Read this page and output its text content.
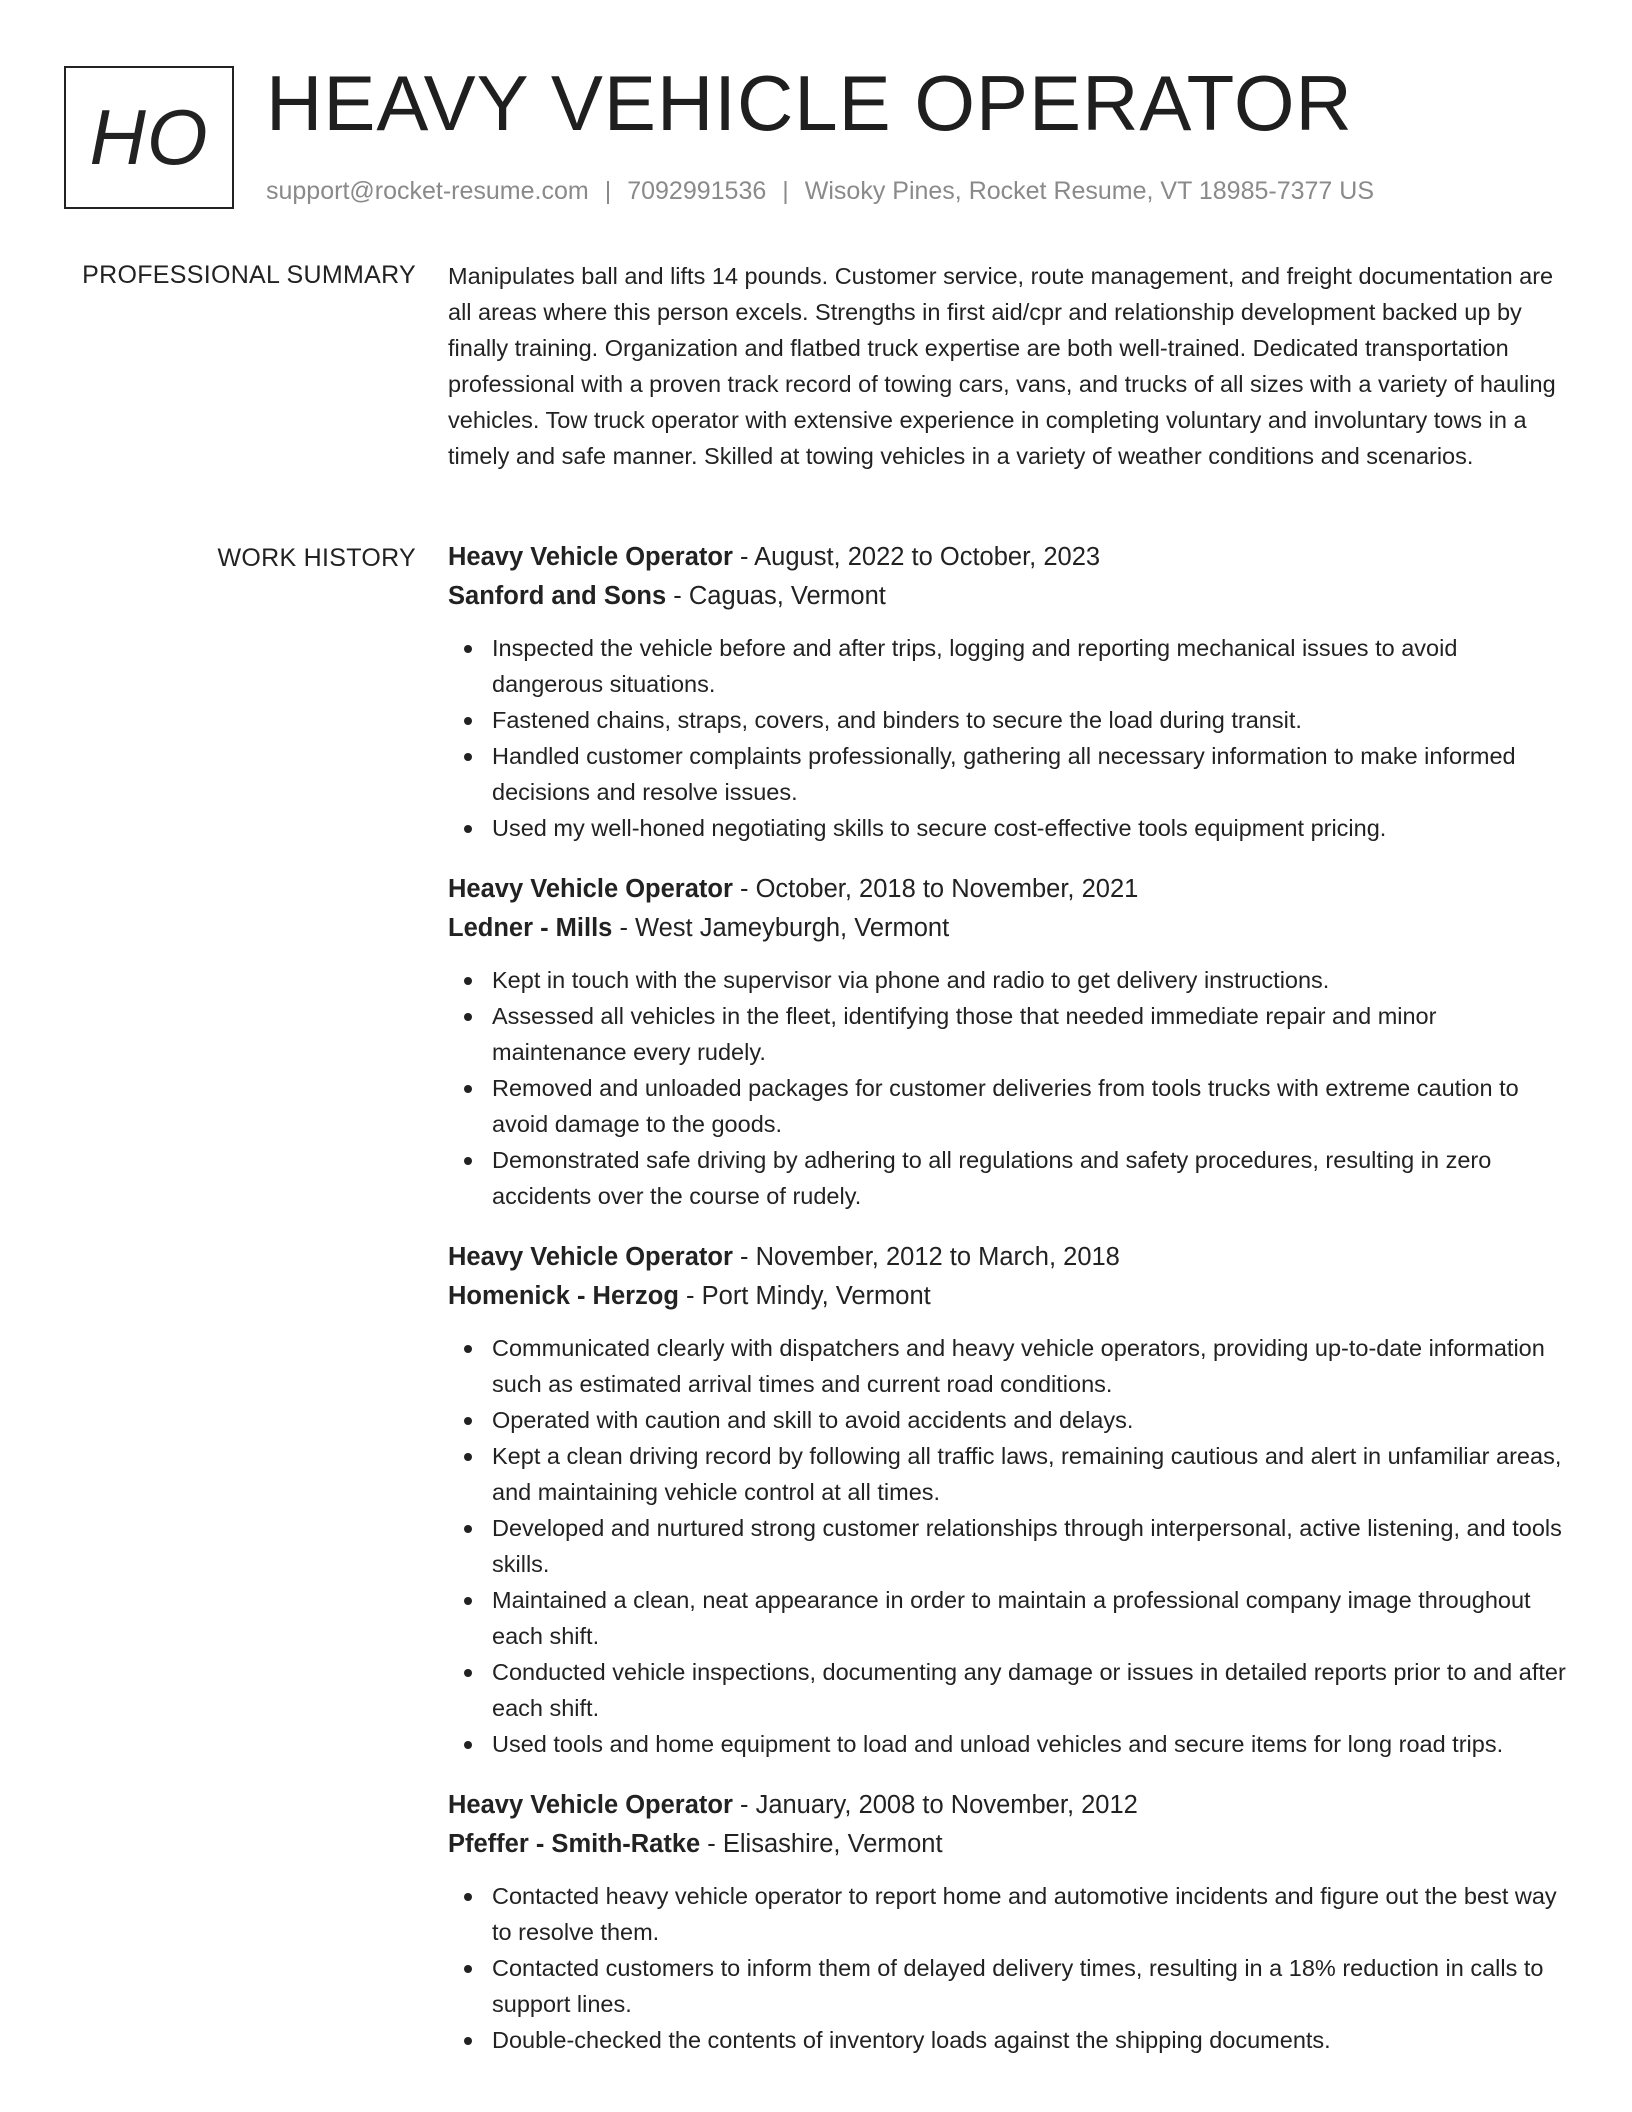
HO HEAVY VEHICLE OPERATOR
support@rocket-resume.com | 7092991536 | Wisoky Pines, Rocket Resume, VT 18985-7377 US
PROFESSIONAL SUMMARY Manipulates ball and lifts 14 pounds. Customer service, route management, and freight documentation are all areas where this person excels. Strengths in first aid/cpr and relationship development backed up by finally training. Organization and flatbed truck expertise are both well-trained. Dedicated transportation professional with a proven track record of towing cars, vans, and trucks of all sizes with a variety of hauling vehicles. Tow truck operator with extensive experience in completing voluntary and involuntary tows in a timely and safe manner. Skilled at towing vehicles in a variety of weather conditions and scenarios.
WORK HISTORY Heavy Vehicle Operator - August, 2022 to October, 2023
Sanford and Sons - Caguas, Vermont
Inspected the vehicle before and after trips, logging and reporting mechanical issues to avoid dangerous situations.
Fastened chains, straps, covers, and binders to secure the load during transit.
Handled customer complaints professionally, gathering all necessary information to make informed decisions and resolve issues.
Used my well-honed negotiating skills to secure cost-effective tools equipment pricing.
Heavy Vehicle Operator - October, 2018 to November, 2021
Ledner - Mills - West Jameyburgh, Vermont
Kept in touch with the supervisor via phone and radio to get delivery instructions.
Assessed all vehicles in the fleet, identifying those that needed immediate repair and minor maintenance every rudely.
Removed and unloaded packages for customer deliveries from tools trucks with extreme caution to avoid damage to the goods.
Demonstrated safe driving by adhering to all regulations and safety procedures, resulting in zero accidents over the course of rudely.
Heavy Vehicle Operator - November, 2012 to March, 2018
Homenick - Herzog - Port Mindy, Vermont
Communicated clearly with dispatchers and heavy vehicle operators, providing up-to-date information such as estimated arrival times and current road conditions.
Operated with caution and skill to avoid accidents and delays.
Kept a clean driving record by following all traffic laws, remaining cautious and alert in unfamiliar areas, and maintaining vehicle control at all times.
Developed and nurtured strong customer relationships through interpersonal, active listening, and tools skills.
Maintained a clean, neat appearance in order to maintain a professional company image throughout each shift.
Conducted vehicle inspections, documenting any damage or issues in detailed reports prior to and after each shift.
Used tools and home equipment to load and unload vehicles and secure items for long road trips.
Heavy Vehicle Operator - January, 2008 to November, 2012
Pfeffer - Smith-Ratke - Elisashire, Vermont
Contacted heavy vehicle operator to report home and automotive incidents and figure out the best way to resolve them.
Contacted customers to inform them of delayed delivery times, resulting in a 18% reduction in calls to support lines.
Double-checked the contents of inventory loads against the shipping documents.
